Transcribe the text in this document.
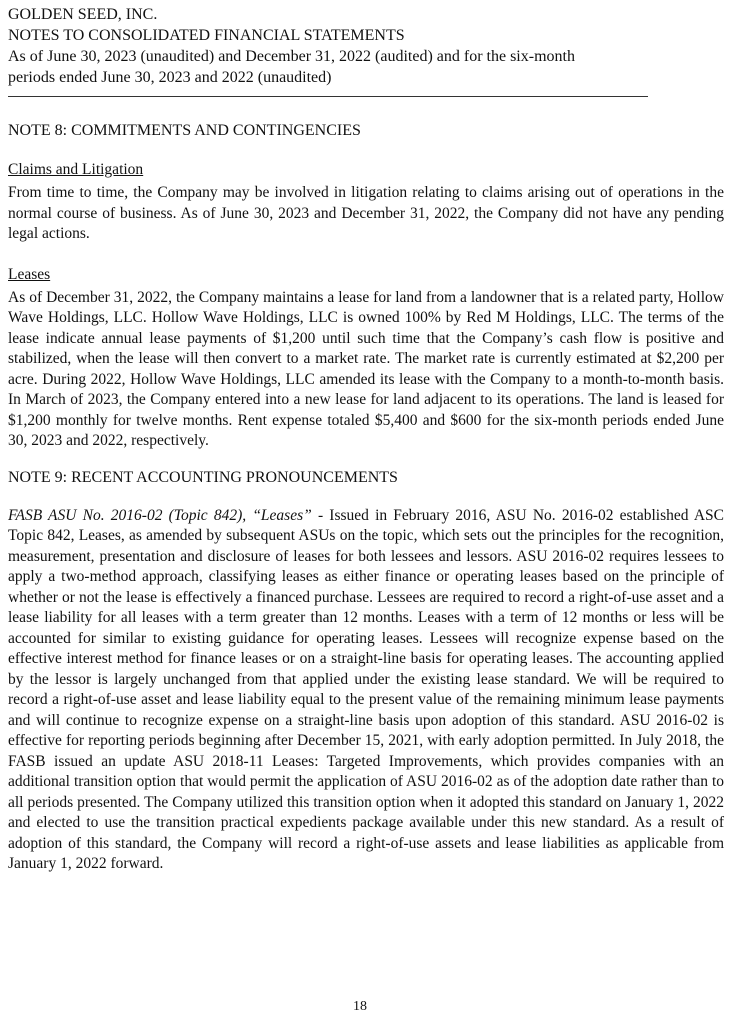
GOLDEN SEED, INC.

NOTES TO CONSOLIDATED FINANCIAL STATEMENTS

As of June 30, 2023 (unaudited) and December 31, 2022 (audited) and for the six-month

periods ended June 30, 2023 and 2022 (unaudited)

NOTE 8: COMMITMENTS AND CONTINGENCIES

Claims and Litigation

From time to time, the Company may be involved in litigation relating to claims arising out of operations in the normal course of business. As of June 30, 2023 and December 31, 2022, the Company did not have any pending legal actions.

Leases

As of December 31, 2022, the Company maintains a lease for land from a landowner that is a related party, Hollow Wave Holdings, LLC. Hollow Wave Holdings, LLC is owned 100% by Red M Holdings, LLC. The terms of the lease indicate annual lease payments of $1,200 until such time that the Company’s cash flow is positive and stabilized, when the lease will then convert to a market rate. The market rate is currently estimated at $2,200 per acre. During 2022, Hollow Wave Holdings, LLC amended its lease with the Company to a month-to-month basis. In March of 2023, the Company entered into a new lease for land adjacent to its operations. The land is leased for $1,200 monthly for twelve months. Rent expense totaled $5,400 and $600 for the six-month periods ended June 30, 2023 and 2022, respectively.

NOTE 9: RECENT ACCOUNTING PRONOUNCEMENTS

FASB ASU No. 2016-02 (Topic 842), “Leases” - Issued in February 2016, ASU No. 2016-02 established ASC Topic 842, Leases, as amended by subsequent ASUs on the topic, which sets out the principles for the recognition, measurement, presentation and disclosure of leases for both lessees and lessors. ASU 2016-02 requires lessees to apply a two-method approach, classifying leases as either finance or operating leases based on the principle of whether or not the lease is effectively a financed purchase. Lessees are required to record a right-of-use asset and a lease liability for all leases with a term greater than 12 months. Leases with a term of 12 months or less will be accounted for similar to existing guidance for operating leases. Lessees will recognize expense based on the effective interest method for finance leases or on a straight-line basis for operating leases. The accounting applied by the lessor is largely unchanged from that applied under the existing lease standard. We will be required to record a right-of-use asset and lease liability equal to the present value of the remaining minimum lease payments and will continue to recognize expense on a straight-line basis upon adoption of this standard. ASU 2016-02 is effective for reporting periods beginning after December 15, 2021, with early adoption permitted. In July 2018, the FASB issued an update ASU 2018-11 Leases: Targeted Improvements, which provides companies with an additional transition option that would permit the application of ASU 2016-02 as of the adoption date rather than to all periods presented. The Company utilized this transition option when it adopted this standard on January 1, 2022 and elected to use the transition practical expedients package available under this new standard. As a result of adoption of this standard, the Company will record a right-of-use assets and lease liabilities as applicable from January 1, 2022 forward.

18
